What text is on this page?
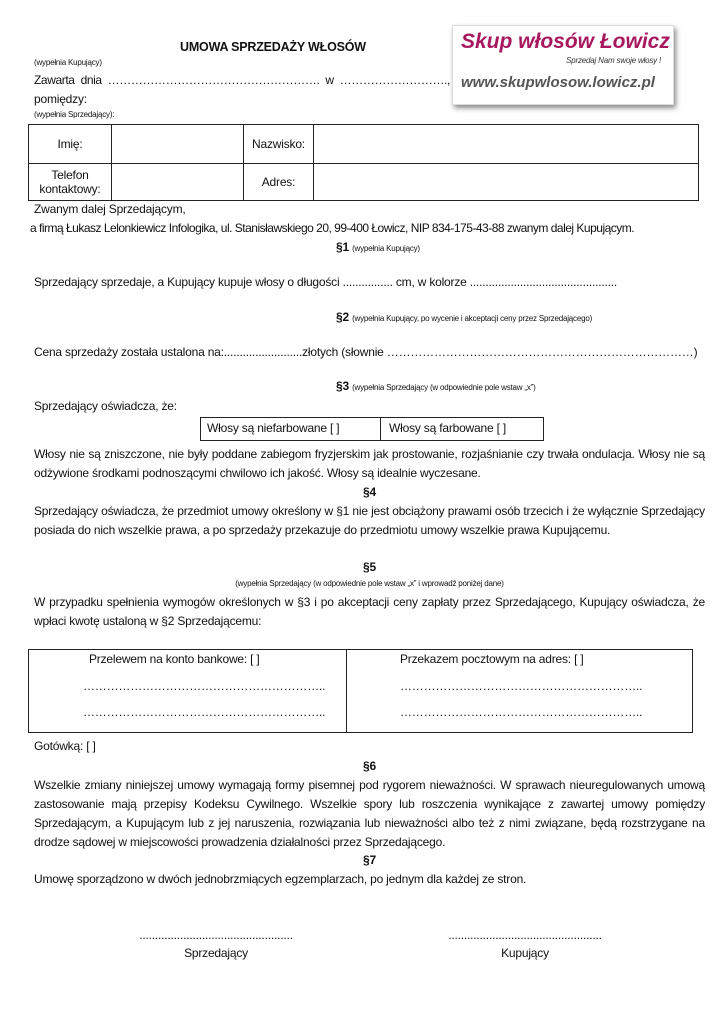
Skup włosów Łowicz
Sprzedaj Nam swoje włosy !
www.skupwlosow.lowicz.pl
UMOWA SPRZEDAŻY WŁOSÓW
(wypełnia Kupujący)
Zawarta dnia ………………………………………………. w ……………………….,
pomiędzy:
(wypełnia Sprzedający):
Imię:		Nazwisko:	
Telefon kontaktowy:		Adres:	
Zwanym dalej Sprzedającym,
a firmą Łukasz Lelonkiewicz Infologika, ul. Stanisławskiego 20, 99-400 Łowicz, NIP 834-175-43-88 zwanym dalej Kupującym.
§1 (wypełnia Kupujący)
Sprzedający sprzedaje, a Kupujący kupuje włosy o długości ................ cm, w kolorze ...............................................
§2 (wypełnia Kupujący, po wycenie i akceptacji ceny przez Sprzedającego)
Cena sprzedaży została ustalona na:.........................złotych (słownie ……………………………………………………………………)
§3 (wypełnia Sprzedający (w odpowiednie pole wstaw „x”)
Sprzedający oświadcza, że:
Włosy są niefarbowane [ ]	Włosy są farbowane [ ]
Włosy nie są zniszczone, nie były poddane zabiegom fryzjerskim jak prostowanie, rozjaśnianie czy trwała ondulacja. Włosy nie są odżywione środkami podnoszącymi chwilowo ich jakość. Włosy są idealnie wyczesane.
§4
Sprzedający oświadcza, że przedmiot umowy określony w §1 nie jest obciążony prawami osób trzecich i że wyłącznie Sprzedający posiada do nich wszelkie prawa, a po sprzedaży przekazuje do przedmiotu umowy wszelkie prawa Kupującemu.
§5
(wypełnia Sprzedający (w odpowiednie pole wstaw „x” i wprowadź poniżej dane)
W przypadku spełnienia wymogów określonych w §3 i po akceptacji ceny zapłaty przez Sprzedającego, Kupujący oświadcza, że wpłaci kwotę ustaloną w §2 Sprzedającemu:
Przelewem na konto bankowe: [ ]
……………………………………………………..
……………………………………………………..
Przekazem pocztowym na adres: [ ]
……………………………………………………..
……………………………………………………..
Gotówką: [ ]
§6
Wszelkie zmiany niniejszej umowy wymagają formy pisemnej pod rygorem nieważności. W sprawach nieuregulowanych umową zastosowanie mają przepisy Kodeksu Cywilnego. Wszelkie spory lub roszczenia wynikające z zawartej umowy pomiędzy Sprzedającym, a Kupującym lub z jej naruszenia, rozwiązania lub nieważności albo też z nimi związane, będą rozstrzygane na drodze sądowej w miejscowości prowadzenia działalności przez Sprzedającego.
§7
Umowę sporządzono w dwóch jednobrzmiących egzemplarzach, po jednym dla każdej ze stron.
.................................................
Sprzedający
.................................................
Kupujący
